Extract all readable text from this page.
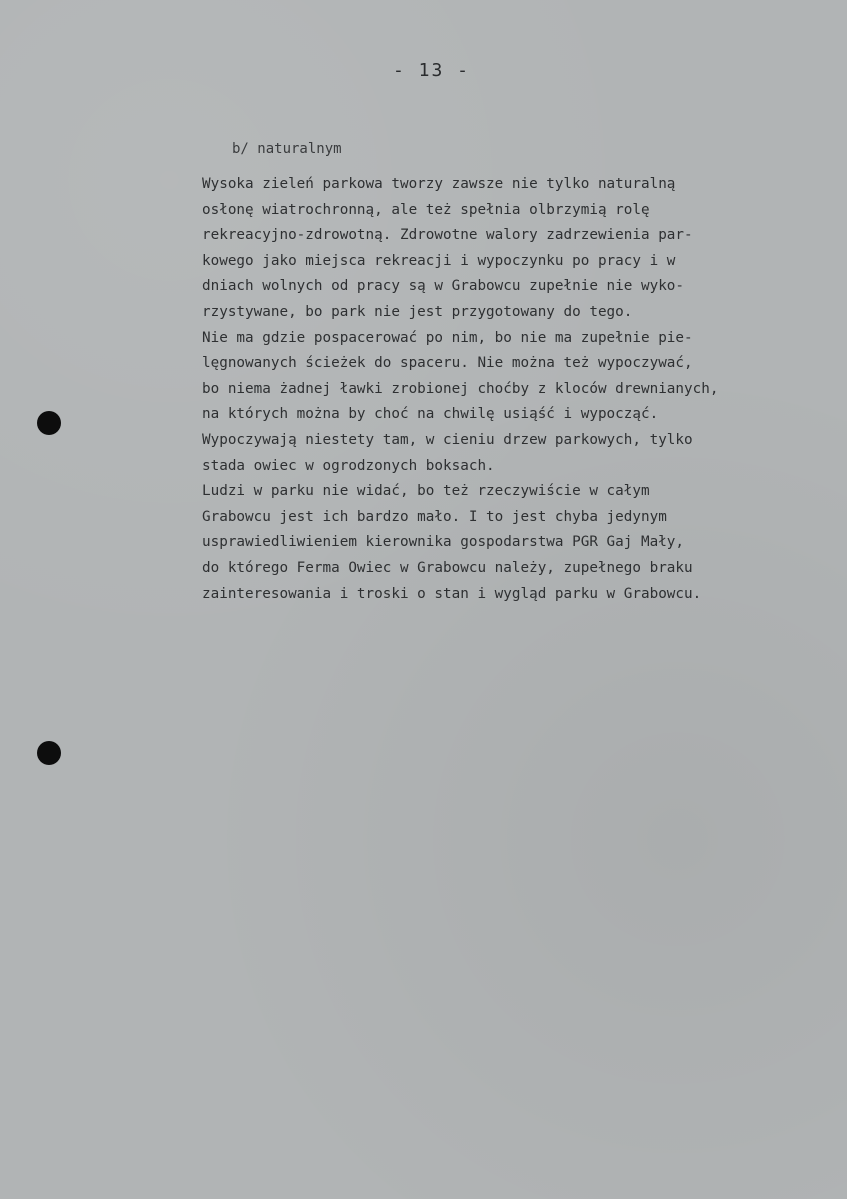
- 13 -
b/ naturalnym
Wysoka zieleń parkowa tworzy zawsze nie tylko naturalną
osłonę wiatrochronną, ale też spełnia olbrzymią rolę
rekreacyjno-zdrowotną. Zdrowotne walory zadrzewienia par-
kowego jako miejsca rekreacji i wypoczynku po pracy i w
dniach wolnych od pracy są w Grabowcu zupełnie nie wyko-
rzystywane, bo park nie jest przygotowany do tego.
Nie ma gdzie pospacerować po nim, bo nie ma zupełnie pie-
lęgnowanych ścieżek do spaceru. Nie można też wypoczywać,
bo niema żadnej ławki zrobionej choćby z kloców drewnianych,
na których można by choć na chwilę usiąść i wypocząć.
Wypoczywają niestety tam, w cieniu drzew parkowych, tylko
stada owiec w ogrodzonych boksach.
Ludzi w parku nie widać, bo też rzeczywiście w całym
Grabowcu jest ich bardzo mało. I to jest chyba jedynym
usprawiedliwieniem kierownika gospodarstwa PGR Gaj Mały,
do którego Ferma Owiec w Grabowcu należy, zupełnego braku
zainteresowania i troski o stan i wygląd parku w Grabowcu.
